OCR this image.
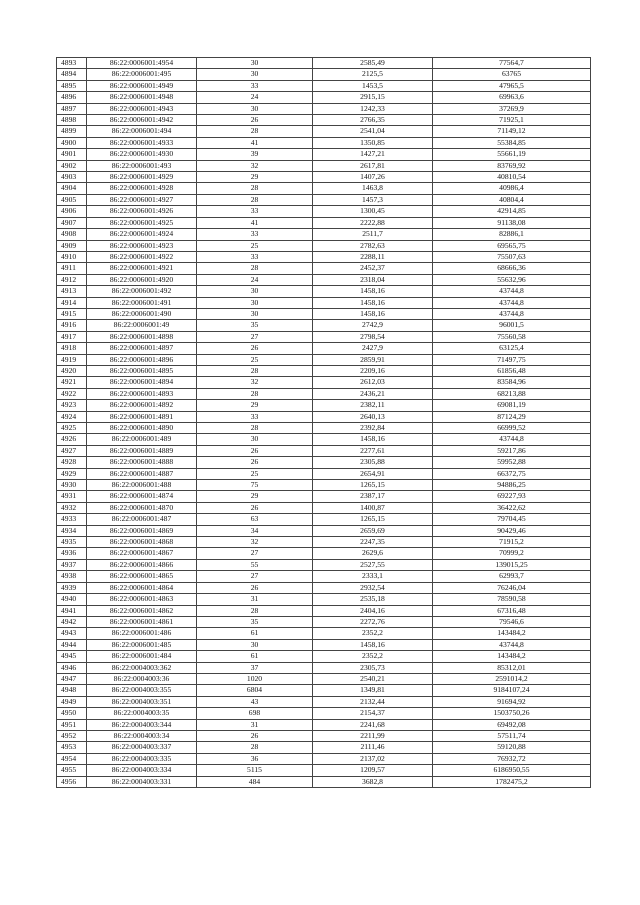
4893	86:22:0006001:4954	30	2585,49	77564,7
4894	86:22:0006001:495	30	2125,5	63765
4895	86:22:0006001:4949	33	1453,5	47965,5
4896	86:22:0006001:4948	24	2915,15	69963,6
4897	86:22:0006001:4943	30	1242,33	37269,9
4898	86:22:0006001:4942	26	2766,35	71925,1
4899	86:22:0006001:494	28	2541,04	71149,12
4900	86:22:0006001:4933	41	1350,85	55384,85
4901	86:22:0006001:4930	39	1427,21	55661,19
4902	86:22:0006001:493	32	2617,81	83769,92
4903	86:22:0006001:4929	29	1407,26	40810,54
4904	86:22:0006001:4928	28	1463,8	40986,4
4905	86:22:0006001:4927	28	1457,3	40804,4
4906	86:22:0006001:4926	33	1300,45	42914,85
4907	86:22:0006001:4925	41	2222,88	91138,08
4908	86:22:0006001:4924	33	2511,7	82886,1
4909	86:22:0006001:4923	25	2782,63	69565,75
4910	86:22:0006001:4922	33	2288,11	75507,63
4911	86:22:0006001:4921	28	2452,37	68666,36
4912	86:22:0006001:4920	24	2318,04	55632,96
4913	86:22:0006001:492	30	1458,16	43744,8
4914	86:22:0006001:491	30	1458,16	43744,8
4915	86:22:0006001:490	30	1458,16	43744,8
4916	86:22:0006001:49	35	2742,9	96001,5
4917	86:22:0006001:4898	27	2798,54	75560,58
4918	86:22:0006001:4897	26	2427,9	63125,4
4919	86:22:0006001:4896	25	2859,91	71497,75
4920	86:22:0006001:4895	28	2209,16	61856,48
4921	86:22:0006001:4894	32	2612,03	83584,96
4922	86:22:0006001:4893	28	2436,21	68213,88
4923	86:22:0006001:4892	29	2382,11	69081,19
4924	86:22:0006001:4891	33	2640,13	87124,29
4925	86:22:0006001:4890	28	2392,84	66999,52
4926	86:22:0006001:489	30	1458,16	43744,8
4927	86:22:0006001:4889	26	2277,61	59217,86
4928	86:22:0006001:4888	26	2305,88	59952,88
4929	86:22:0006001:4887	25	2654,91	66372,75
4930	86:22:0006001:488	75	1265,15	94886,25
4931	86:22:0006001:4874	29	2387,17	69227,93
4932	86:22:0006001:4870	26	1400,87	36422,62
4933	86:22:0006001:487	63	1265,15	79704,45
4934	86:22:0006001:4869	34	2659,69	90429,46
4935	86:22:0006001:4868	32	2247,35	71915,2
4936	86:22:0006001:4867	27	2629,6	70999,2
4937	86:22:0006001:4866	55	2527,55	139015,25
4938	86:22:0006001:4865	27	2333,1	62993,7
4939	86:22:0006001:4864	26	2932,54	76246,04
4940	86:22:0006001:4863	31	2535,18	78590,58
4941	86:22:0006001:4862	28	2404,16	67316,48
4942	86:22:0006001:4861	35	2272,76	79546,6
4943	86:22:0006001:486	61	2352,2	143484,2
4944	86:22:0006001:485	30	1458,16	43744,8
4945	86:22:0006001:484	61	2352,2	143484,2
4946	86:22:0004003:362	37	2305,73	85312,01
4947	86:22:0004003:36	1020	2540,21	2591014,2
4948	86:22:0004003:355	6804	1349,81	9184107,24
4949	86:22:0004003:351	43	2132,44	91694,92
4950	86:22:0004003:35	698	2154,37	1503750,26
4951	86:22:0004003:344	31	2241,68	69492,08
4952	86:22:0004003:34	26	2211,99	57511,74
4953	86:22:0004003:337	28	2111,46	59120,88
4954	86:22:0004003:335	36	2137,02	76932,72
4955	86:22:0004003:334	5115	1209,57	6186950,55
4956	86:22:0004003:331	484	3682,8	1782475,2
